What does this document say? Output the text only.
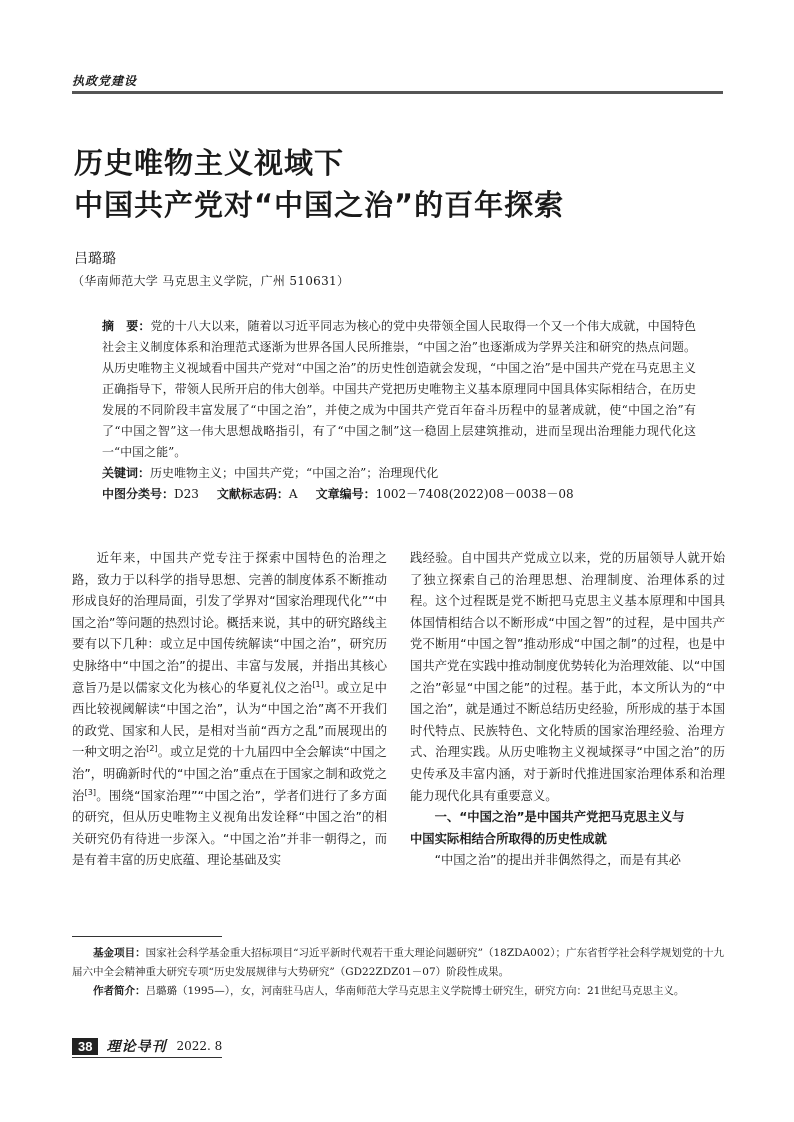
执政党建设
历史唯物主义视域下
中国共产党对“中国之治”的百年探索
吕璐璐
（华南师范大学 马克思主义学院，广州 510631）
摘　要：党的十八大以来，随着以习近平同志为核心的党中央带领全国人民取得一个又一个伟大成就，中国特色社会主义制度体系和治理范式逐渐为世界各国人民所推崇，“中国之治”也逐渐成为学界关注和研究的热点问题。从历史唯物主义视域看中国共产党对“中国之治”的历史性创造就会发现，“中国之治”是中国共产党在马克思主义正确指导下，带领人民所开启的伟大创举。中国共产党把历史唯物主义基本原理同中国具体实际相结合，在历史发展的不同阶段丰富发展了“中国之治”，并使之成为中国共产党百年奋斗历程中的显著成就，使“中国之治”有了“中国之智”这一伟大思想战略指引，有了“中国之制”这一稳固上层建筑推动，进而呈现出治理能力现代化这一“中国之能”。
关键词：历史唯物主义；中国共产党；“中国之治”；治理现代化
中图分类号：D23 文献标志码：A 文章编号：1002－7408(2022)08－0038－08

近年来，中国共产党专注于探索中国特色的治理之路，致力于以科学的指导思想、完善的制度体系不断推动形成良好的治理局面，引发了学界对“国家治理现代化”“中国之治”等问题的热烈讨论。概括来说，其中的研究路线主要有以下几种：或立足中国传统解读“中国之治”，研究历史脉络中“中国之治”的提出、丰富与发展，并指出其核心意旨乃是以儒家文化为核心的华夏礼仪之治[1]。或立足中西比较视阈解读“中国之治”，认为“中国之治”离不开我们的政党、国家和人民，是相对当前“西方之乱”而展现出的一种文明之治[2]。或立足党的十九届四中全会解读“中国之治”，明确新时代的“中国之治”重点在于国家之制和政党之治[3]。围绕“国家治理”“中国之治”，学者们进行了多方面的研究，但从历史唯物主义视角出发诠释“中国之治”的相关研究仍有待进一步深入。“中国之治”并非一朝得之，而是有着丰富的历史底蕴、理论基础及实

践经验。自中国共产党成立以来，党的历届领导人就开始了独立探索自己的治理思想、治理制度、治理体系的过程。这个过程既是党不断把马克思主义基本原理和中国具体国情相结合以不断形成“中国之智”的过程，是中国共产党不断用“中国之智”推动形成“中国之制”的过程，也是中国共产党在实践中推动制度优势转化为治理效能、以“中国之治”彰显“中国之能”的过程。基于此，本文所认为的“中国之治”，就是通过不断总结历史经验，所形成的基于本国时代特点、民族特色、文化特质的国家治理经验、治理方式、治理实践。从历史唯物主义视域探寻“中国之治”的历史传承及丰富内涵，对于新时代推进国家治理体系和治理能力现代化具有重要意义。

一、“中国之治”是中国共产党把马克思主义与
中国实际相结合所取得的历史性成就

“中国之治”的提出并非偶然得之，而是有其必

基金项目：国家社会科学基金重大招标项目“习近平新时代观若干重大理论问题研究”（18ZDA002）；广东省哲学社会科学规划党的十九届六中全会精神重大研究专项“历史发展规律与大势研究”（GD22ZDZ01－07）阶段性成果。

作者简介：吕璐璐（1995—），女，河南驻马店人，华南师范大学马克思主义学院博士研究生，研究方向：21世纪马克思主义。

38	理论导刊 2022. 8
